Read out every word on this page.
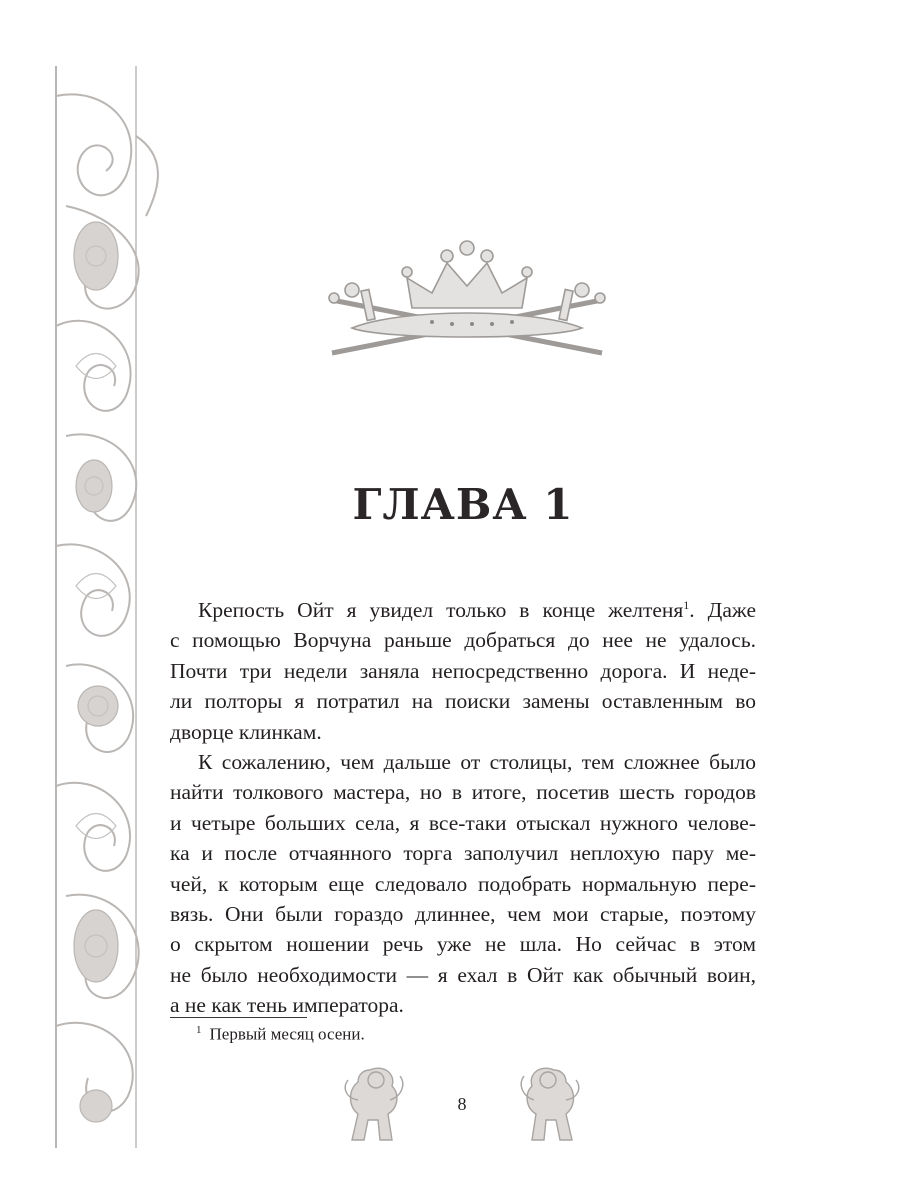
ГЛАВА 1
Крепость Ойт я увидел только в конце желтеня$^1$. Даже
с помощью Ворчуна раньше добраться до нее не удалось.
Почти три недели заняла непосредственно дорога. И неде-
ли полторы я потратил на поиски замены оставленным во
дворце клинкам.
К сожалению, чем дальше от столицы, тем сложнее было
найти толкового мастера, но в итоге, посетив шесть городов
и четыре больших села, я все-таки отыскал нужного челове-
ка и после отчаянного торга заполучил неплохую пару ме-
чей, к которым еще следовало подобрать нормальную пере-
вязь. Они были гораздо длиннее, чем мои старые, поэтому
о скрытом ношении речь уже не шла. Но сейчас в этом
не было необходимости — я ехал в Ойт как обычный воин,
а не как тень императора.
$^1$ Первый месяц осени.
8
